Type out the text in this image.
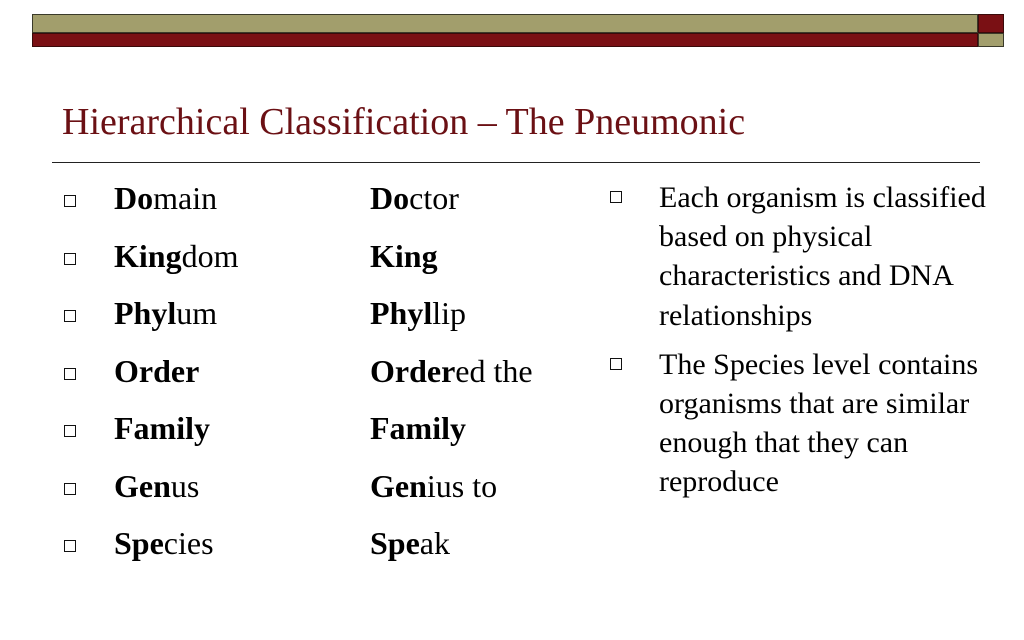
Hierarchical Classification – The Pneumonic
Domain
Kingdom
Phylum
Order
Family
Genus
Species
Do ctor
King
Phyl lip
Order ed the
Family
Gen ius to
Spe ak
Each organism is classified based on physical characteristics and DNA relationships
The Species level contains organisms that are similar enough that they can reproduce
